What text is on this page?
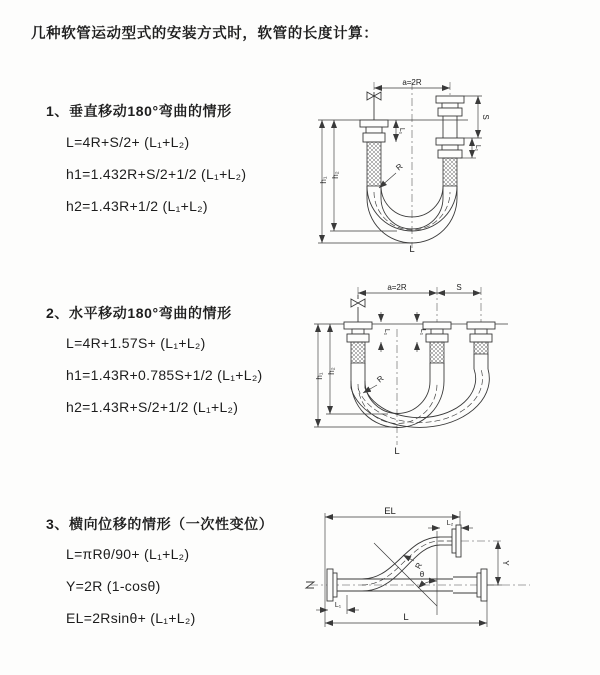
几种软管运动型式的安装方式时，软管的长度计算：
1、垂直移动180°弯曲的情形
L=4R+S/2+ (L₁+L₂)
h1=1.432R+S/2+1/2 (L₁+L₂)
h2=1.43R+1/2 (L₁+L₂)
a=2R
S
L₁
h₁
h₂
L₁
R
L
2、水平移动180°弯曲的情形
L=4R+1.57S+ (L₁+L₂)
h1=1.43R+0.785S+1/2 (L₁+L₂)
h2=1.43R+S/2+1/2 (L₁+L₂)
a=2R	S
h₁
h₂
L₁	L₁
R
L
3、横向位移的情形（一次性变位）
L=πRθ/90+ (L₁+L₂)
Y=2R (1-cosθ)
EL=2Rsinθ+ (L₁+L₂)
θ
R
EL
L₂
Y
L₁
L
